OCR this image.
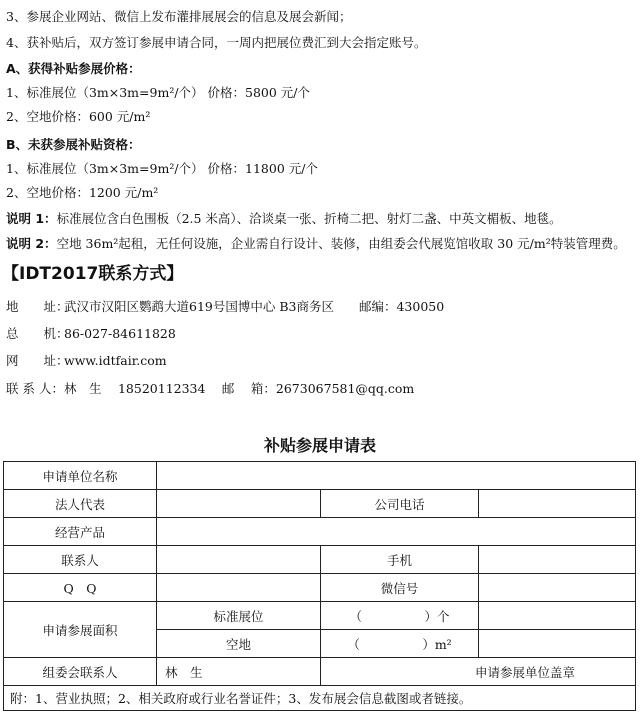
3、参展企业网站、微信上发布灌排展展会的信息及展会新闻；
4、获补贴后，双方签订参展申请合同，一周内把展位费汇到大会指定账号。
A、获得补贴参展价格：
1、标准展位（3m×3m=9m²/个） 价格：5800 元/个
2、空地价格：600 元/m²
B、未获参展补贴资格：
1、标准展位（3m×3m=9m²/个） 价格：11800 元/个
2、空地价格：1200 元/m²
说明 1：标准展位含白色围板（2.5 米高）、洽谈桌一张、折椅二把、射灯二盏、中英文楣板、地毯。
说明 2：空地 36m²起租，无任何设施，企业需自行设计、装修，由组委会代展览馆收取 30 元/m²特装管理费。
【IDT2017联系方式】
地　　址：武汉市汉阳区鹦鹉大道619号国博中心 B3商务区　　邮编：430050
总　　机：86-027-84611828
网　　址：www.idtfair.com
联 系 人：林　生　 18520112334　 邮　 箱：2673067581@qq.com
补贴参展申请表
申请单位名称			
法人代表		公司电话	
经营产品			
联系人		手机	
Q　Q		微信号	
申请参展面积	标准展位	（　　　　　）个	
	空地	（　　　　　）m²	
组委会联系人	林　生	申请参展单位盖章	
附：1、营业执照；2、相关政府或行业名誉证件；3、发布展会信息截图或者链接。			
